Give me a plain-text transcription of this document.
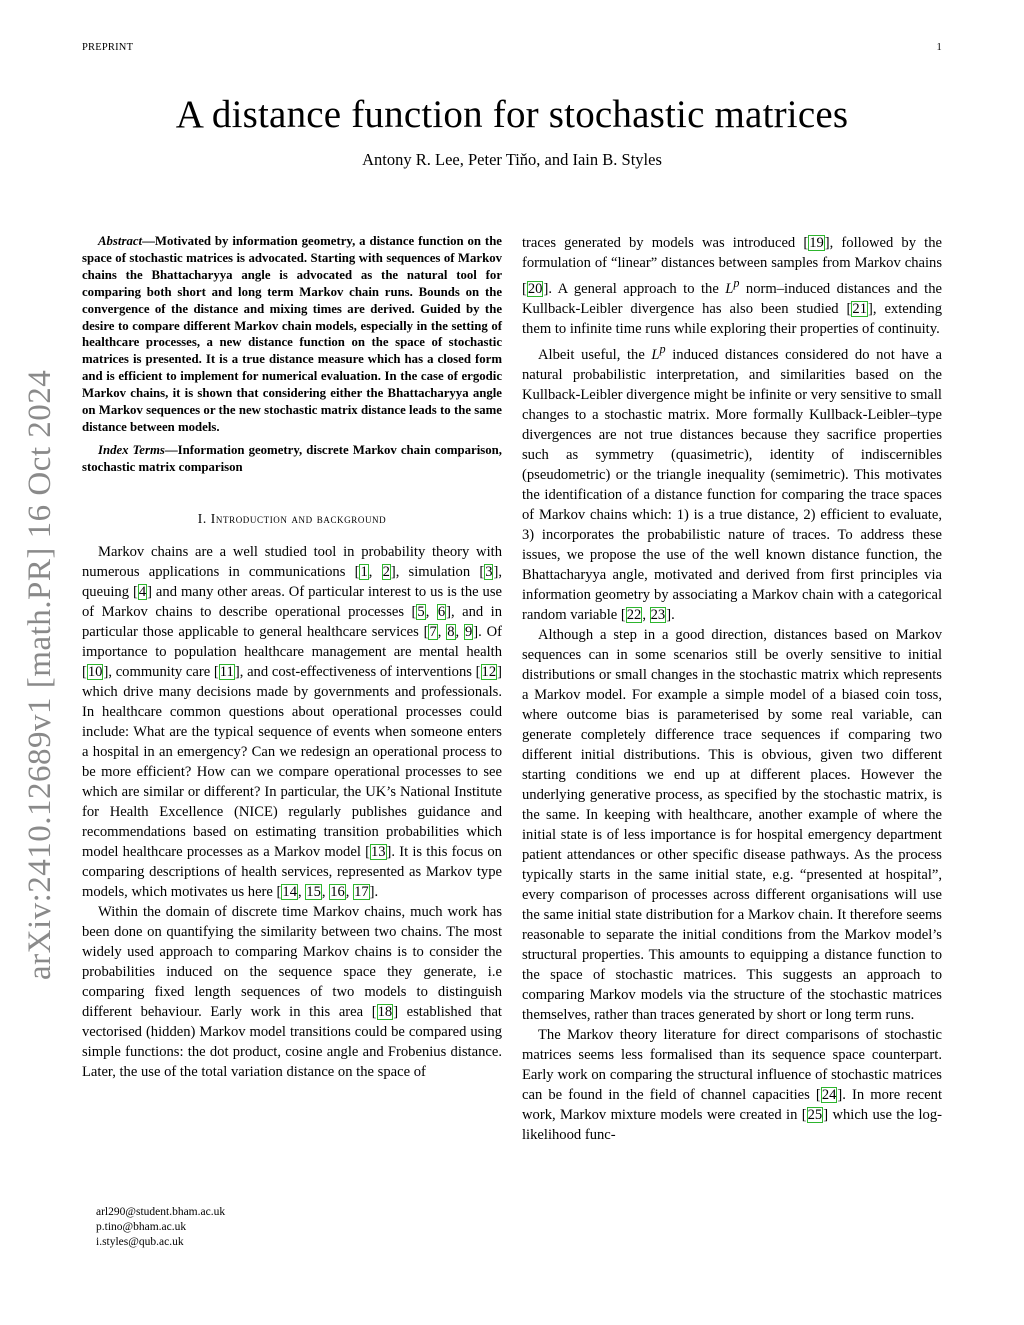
PREPRINT	1
arXiv:2410.12689v1 [math.PR] 16 Oct 2024
A distance function for stochastic matrices
Antony R. Lee, Peter Tiňo, and Iain B. Styles

Abstract—Motivated by information geometry, a distance function on the space of stochastic matrices is advocated. Starting with sequences of Markov chains the Bhattacharyya angle is advocated as the natural tool for comparing both short and long term Markov chain runs. Bounds on the convergence of the distance and mixing times are derived. Guided by the desire to compare different Markov chain models, especially in the setting of healthcare processes, a new distance function on the space of stochastic matrices is presented. It is a true distance measure which has a closed form and is efficient to implement for numerical evaluation. In the case of ergodic Markov chains, it is shown that considering either the Bhattacharyya angle on Markov sequences or the new stochastic matrix distance leads to the same distance between models.

Index Terms—Information geometry, discrete Markov chain comparison, stochastic matrix comparison

I. Introduction and background

Markov chains are a well studied tool in probability theory with numerous applications in communications [1, 2], simulation [3], queuing [4] and many other areas. Of particular interest to us is the use of Markov chains to describe operational processes [5, 6], and in particular those applicable to general healthcare services [7, 8, 9]. Of importance to population healthcare management are mental health [10], community care [11], and cost-effectiveness of interventions [12] which drive many decisions made by governments and professionals. In healthcare common questions about operational processes could include: What are the typical sequence of events when someone enters a hospital in an emergency? Can we redesign an operational process to be more efficient? How can we compare operational processes to see which are similar or different? In particular, the UK’s National Institute for Health Excellence (NICE) regularly publishes guidance and recommendations based on estimating transition probabilities which model healthcare processes as a Markov model [13]. It is this focus on comparing descriptions of health services, represented as Markov type models, which motivates us here [14, 15, 16, 17].

Within the domain of discrete time Markov chains, much work has been done on quantifying the similarity between two chains. The most widely used approach to comparing Markov chains is to consider the probabilities induced on the sequence space they generate, i.e comparing fixed length sequences of two models to distinguish different behaviour. Early work in this area [18] established that vectorised (hidden) Markov model transitions could be compared using simple functions: the dot product, cosine angle and Frobenius distance. Later, the use of the total variation distance on the space of

traces generated by models was introduced [19], followed by the formulation of “linear” distances between samples from Markov chains [20]. A general approach to the $L^p$ norm–induced distances and the Kullback-Leibler divergence has also been studied [21], extending them to infinite time runs while exploring their properties of continuity.

Albeit useful, the $L^p$ induced distances considered do not have a natural probabilistic interpretation, and similarities based on the Kullback-Leibler divergence might be infinite or very sensitive to small changes to a stochastic matrix. More formally Kullback-Leibler–type divergences are not true distances because they sacrifice properties such as symmetry (quasimetric), identity of indiscernibles (pseudometric) or the triangle inequality (semimetric). This motivates the identification of a distance function for comparing the trace spaces of Markov chains which: 1) is a true distance, 2) efficient to evaluate, 3) incorporates the probabilistic nature of traces. To address these issues, we propose the use of the well known distance function, the Bhattacharyya angle, motivated and derived from first principles via information geometry by associating a Markov chain with a categorical random variable [22, 23].

Although a step in a good direction, distances based on Markov sequences can in some scenarios still be overly sensitive to initial distributions or small changes in the stochastic matrix which represents a Markov model. For example a simple model of a biased coin toss, where outcome bias is parameterised by some real variable, can generate completely difference trace sequences if comparing two different initial distributions. This is obvious, given two different starting conditions we end up at different places. However the underlying generative process, as specified by the stochastic matrix, is the same. In keeping with healthcare, another example of where the initial state is of less importance is for hospital emergency department patient attendances or other specific disease pathways. As the process typically starts in the same initial state, e.g. “presented at hospital”, every comparison of processes across different organisations will use the same initial state distribution for a Markov chain. It therefore seems reasonable to separate the initial conditions from the Markov model’s structural properties. This amounts to equipping a distance function to the space of stochastic matrices. This suggests an approach to comparing Markov models via the structure of the stochastic matrices themselves, rather than traces generated by short or long term runs.

The Markov theory literature for direct comparisons of stochastic matrices seems less formalised than its sequence space counterpart. Early work on comparing the structural influence of stochastic matrices can be found in the field of channel capacities [24]. In more recent work, Markov mixture models were created in [25] which use the log-likelihood func-

arl290@student.bham.ac.uk
p.tino@bham.ac.uk
i.styles@qub.ac.uk
